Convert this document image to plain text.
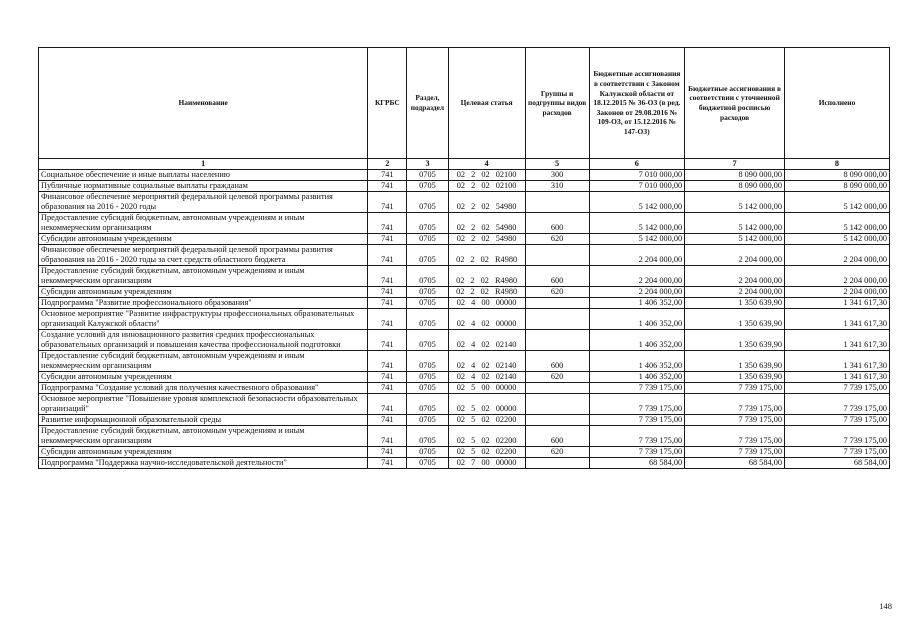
Наименование	КГРБС	Раздел, подраздел	Целевая статья	Группы и подгруппы видов расходов	Бюджетные ассигнования в соответствии с Законом Калужской области от 18.12.2015 № 36-ОЗ (в ред. Законов от 29.08.2016 № 109-ОЗ, от 15.12.2016 № 147-ОЗ)	Бюджетные ассигнования в соответствии с уточненной бюджетной росписью расходов	Исполнено
1	2	3	4	5	6	7	8
Социальное обеспечение и иные выплаты населению	741	0705	02 2 02 02100	300	7 010 000,00	8 090 000,00	8 090 000,00
Публичные нормативные социальные выплаты гражданам	741	0705	02 2 02 02100	310	7 010 000,00	8 090 000,00	8 090 000,00
Финансовое обеспечение мероприятий федеральной целевой программы развития образования на 2016 - 2020 годы	741	0705	02 2 02 54980		5 142 000,00	5 142 000,00	5 142 000,00
Предоставление субсидий бюджетным, автономным учреждениям и иным некоммерческим организациям	741	0705	02 2 02 54980	600	5 142 000,00	5 142 000,00	5 142 000,00
Субсидии автономным учреждениям	741	0705	02 2 02 54980	620	5 142 000,00	5 142 000,00	5 142 000,00
Финансовое обеспечение мероприятий федеральной целевой программы развития образования на 2016 - 2020 годы за счет средств областного бюджета	741	0705	02 2 02 R4980		2 204 000,00	2 204 000,00	2 204 000,00
Предоставление субсидий бюджетным, автономным учреждениям и иным некоммерческим организациям	741	0705	02 2 02 R4980	600	2 204 000,00	2 204 000,00	2 204 000,00
Субсидии автономным учреждениям	741	0705	02 2 02 R4980	620	2 204 000,00	2 204 000,00	2 204 000,00
Подпрограмма "Развитие профессионального образования"	741	0705	02 4 00 00000		1 406 352,00	1 350 639,90	1 341 617,30
Основное мероприятие "Развитие инфраструктуры профессиональных образовательных организаций Калужской области"	741	0705	02 4 02 00000		1 406 352,00	1 350 639,90	1 341 617,30
Создание условий для инновационного развития средних профессиональных образовательных организаций и повышения качества профессиональной подготовки	741	0705	02 4 02 02140		1 406 352,00	1 350 639,90	1 341 617,30
Предоставление субсидий бюджетным, автономным учреждениям и иным некоммерческим организациям	741	0705	02 4 02 02140	600	1 406 352,00	1 350 639,90	1 341 617,30
Субсидии автономным учреждениям	741	0705	02 4 02 02140	620	1 406 352,00	1 350 639,90	1 341 617,30
Подпрограмма "Создание условий для получения качественного образования"	741	0705	02 5 00 00000		7 739 175,00	7 739 175,00	7 739 175,00
Основное мероприятие "Повышение уровня комплексной безопасности образовательных организаций"	741	0705	02 5 02 00000		7 739 175,00	7 739 175,00	7 739 175,00
Развитие информационной образовательной среды	741	0705	02 5 02 02200		7 739 175,00	7 739 175,00	7 739 175,00
Предоставление субсидий бюджетным, автономным учреждениям и иным некоммерческим организациям	741	0705	02 5 02 02200	600	7 739 175,00	7 739 175,00	7 739 175,00
Субсидии автономным учреждениям	741	0705	02 5 02 02200	620	7 739 175,00	7 739 175,00	7 739 175,00
Подпрограмма "Поддержка научно-исследовательской деятельности"	741	0705	02 7 00 00000		68 584,00	68 584,00	68 584,00
148
